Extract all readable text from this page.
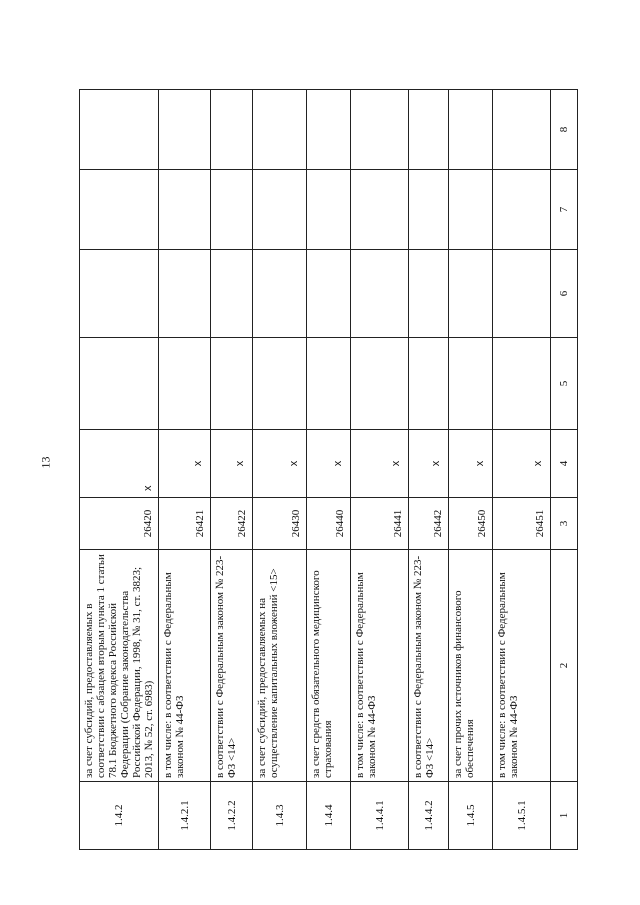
13
1.4.2	за счет субсидий, предоставляемых в соответствии с абзацем вторым пункта 1 статьи 78.1 Бюджетного кодекса Российской Федерации (Собрание законодательства Российской Федерации, 1998, № 31, ст. 3823; 2013, № 52, ст. 6983)	26420	x				
1.4.2.1	в том числе: в соответствии с Федеральным законом № 44-ФЗ	26421	x				
1.4.2.2	в соответствии с Федеральным законом № 223-ФЗ <14>	26422	x				
1.4.3	за счет субсидий, предоставляемых на осуществление капитальных вложений <15>	26430	x				
1.4.4	за счет средств обязательного медицинского страхования	26440	x				
1.4.4.1	в том числе: в соответствии с Федеральным законом № 44-ФЗ	26441	x				
1.4.4.2	в соответствии с Федеральным законом № 223-ФЗ <14>	26442	x				
1.4.5	за счет прочих источников финансового обеспечения	26450	x				
1.4.5.1	в том числе: в соответствии с Федеральным законом № 44-ФЗ	26451	x				
1	2	3	4	5	6	7	8
